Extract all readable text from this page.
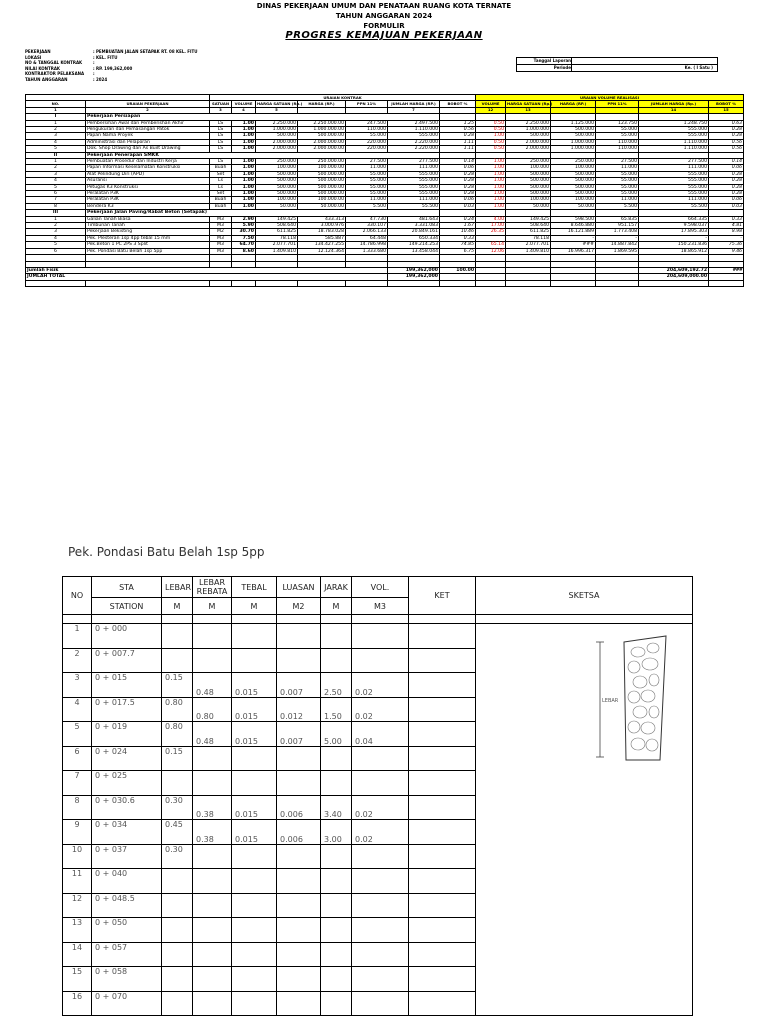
DINAS PEKERJAAN UMUM DAN PENATAAN RUANG KOTA TERNATE
TAHUN ANGGARAN 2024
FORMULIR
PROGRES KEMAJUAN PEKERJAAN
PEKERJAAN	: PEMBUATAN JALAN SETAPAK RT. 08 KEL. FITU
LOKASI	: KEL. FITU
NO & TANGGAL KONTRAK	:
NILAI KONTRAK	: RP. 199,362,000
KONTRAKTOR PELAKSANA	:
TAHUN ANGGARAN	: 2024
Tanggal Laporan
Periode	Ke. ( I Satu )
		URAIAN KONTRAK							URAIAN VOLUME REALISASI					
NO.	URAIAN PEKERJAAN	SATUAN	VOLUME	HARGA SATUAN (Rp.)	HARGA (RP.)	PPN 11%	JUMLAH HARGA (RP.)	BOBOT %	VOLUME	HARGA SATUAN (Rp.)	HARGA (RP.)	PPN 11%	JUMLAH HARGA (Rp.)	BOBOT %
1	2	3	4	5			7		12	13			14	15
I	Pekerjaan Persiapan													
1	Pembersihan Awal dan Pemberishan Akhir	LS	1.00	2.250.000	2.250.000.00	247.500	2.497.500	1.25	0.50	2.250.000	1.125.000	123.750	1.248.750	0.63
2	Pengukuran dan Pemasangan Patok	LS	1.00	1.000.000	1.000.000.00	110.000	1.110.000	0.56	0.50	1.000.000	500.000	55.000	555.000	0.28
3	Papan Nama Proyek	LS	1.00	500.000	500.000.00	55.000	555.000	0.28	1.00	500.000	500.000	55.000	555.000	0.28
4	Administrasi dan Pelaporan	LS	1.00	2.000.000	2.000.000.00	220.000	2.220.000	1.11	0.50	2.000.000	1.000.000	110.000	1.110.000	0.56
5	Dok. Shop Drawing dan As Built Drawing	LS	1.00	2.000.000	2.000.000.00	220.000	2.220.000	1.11	0.50	2.000.000	1.000.000	110.000	1.110.000	0.56
II	Pekerjaan Penerapan SMKK													
1	Pembuatan Prosedur dan Industri Kerja	LS	1.00	250.000	250.000.00	27.500	277.500	0.14	1.00	250.000	250.000	27.500	277.500	0.14
2	Papan Informasi Keselamatan Konstruksi	Buah	1.00	100.000	100.000.00	11.000	111.000	0.06	1.00	100.000	100.000	11.000	111.000	0.06
3	Alat Pelindung Diri (APD)	Set	1.00	500.000	500.000.00	55.000	555.000	0.28	1.00	500.000	500.000	55.000	555.000	0.28
4	Asuransi	Ls	1.00	500.000	500.000.00	55.000	555.000	0.28	1.00	500.000	500.000	55.000	555.000	0.28
5	Petugas K3 Konstruksi	Ls	1.00	500.000	500.000.00	55.000	555.000	0.28	1.00	500.000	500.000	55.000	555.000	0.28
6	Peralatan P3K	Set	1.00	500.000	500.000.00	55.000	555.000	0.28	1.00	500.000	500.000	55.000	555.000	0.28
7	Peralatan P3K	Buah	1.00	100.000	100.000.00	11.000	111.000	0.06	1.00	100.000	100.000	11.000	111.000	0.06
8	Bendera K3	Buah	1.00	50.000	50.000.00	5.500	55.500	0.03	1.00	50.000	50.000	5.500	55.500	0.03
III	Pekerjaan Jalan Paving/Rabat Beton (Setapak)													
1	Galian Tanah Biasa	M3	2.90	149.425	433.313	47.730	481.643	0.24	4.00	149.425	598.500	65.835	664.335	0.33
2	Timbunan Tanah	M3	5.90	508.640	3.000.976	330.107	3.331.083	1.67	17.00	508.640	8.646.880	951.157	9.598.037	4.81
3	Pekerjaan Bekisting	M2	30.70	611.825	18.783.028	2.066.133	20.849.161	10.46	26.35	611.825	16.121.889	1.773.408	17.895.303	8.98
4	Pek. Plesteran 1sp 4pp tebal 15 mm	M3	7.50	78.118	585.887	64.448	650.334	0.33		78.118	-	-	-	-
5	Pek.Beton 1 PC 2PS 3 Split	M3	64.70	2.077.701	134.427.255	14.786.998	149.214.253	74.85	65.14	2.077.701	###	14.887.842	150.231.836	75.36
6	Pek. Pondasi Batu Belah 1sp 5pp	M3	8.60	1.409.810	12.124.364	1.333.680	13.458.044	6.75	12.06	1.409.810	16.996.317	1.869.595	18.865.912	9.46

Jumlah Fisik							199,362,000	100.00					204,609,192.72	###
JUMLAH TOTAL							199,362,000						204,609,000.00	

Pek. Pondasi Batu Belah 1sp 5pp
NO	STA	LEBAR	LEBAR REBATA	TEBAL	LUASAN	JARAK	VOL.	KET	SKETSA
	STATION	M	M	M	M2	M	M3		

1	0 + 000								
2	0 + 007.7								
3	0 + 015	0.15	0.48	0.015	0.007	2.50	0.02		
4	0 + 017.5	0.80	0.80	0.015	0.012	1.50	0.02		
5	0 + 019	0.80	0.48	0.015	0.007	5.00	0.04		
6	0 + 024	0.15							
7	0 + 025								
8	0 + 030.6	0.30	0.38	0.015	0.006	3.40	0.02		
9	0 + 034	0.45	0.38	0.015	0.006	3.00	0.02		
10	0 + 037	0.30							
11	0 + 040								
12	0 + 048.5								
13	0 + 050								
14	0 + 057								
15	0 + 058								
16	0 + 070								
LEBAR
